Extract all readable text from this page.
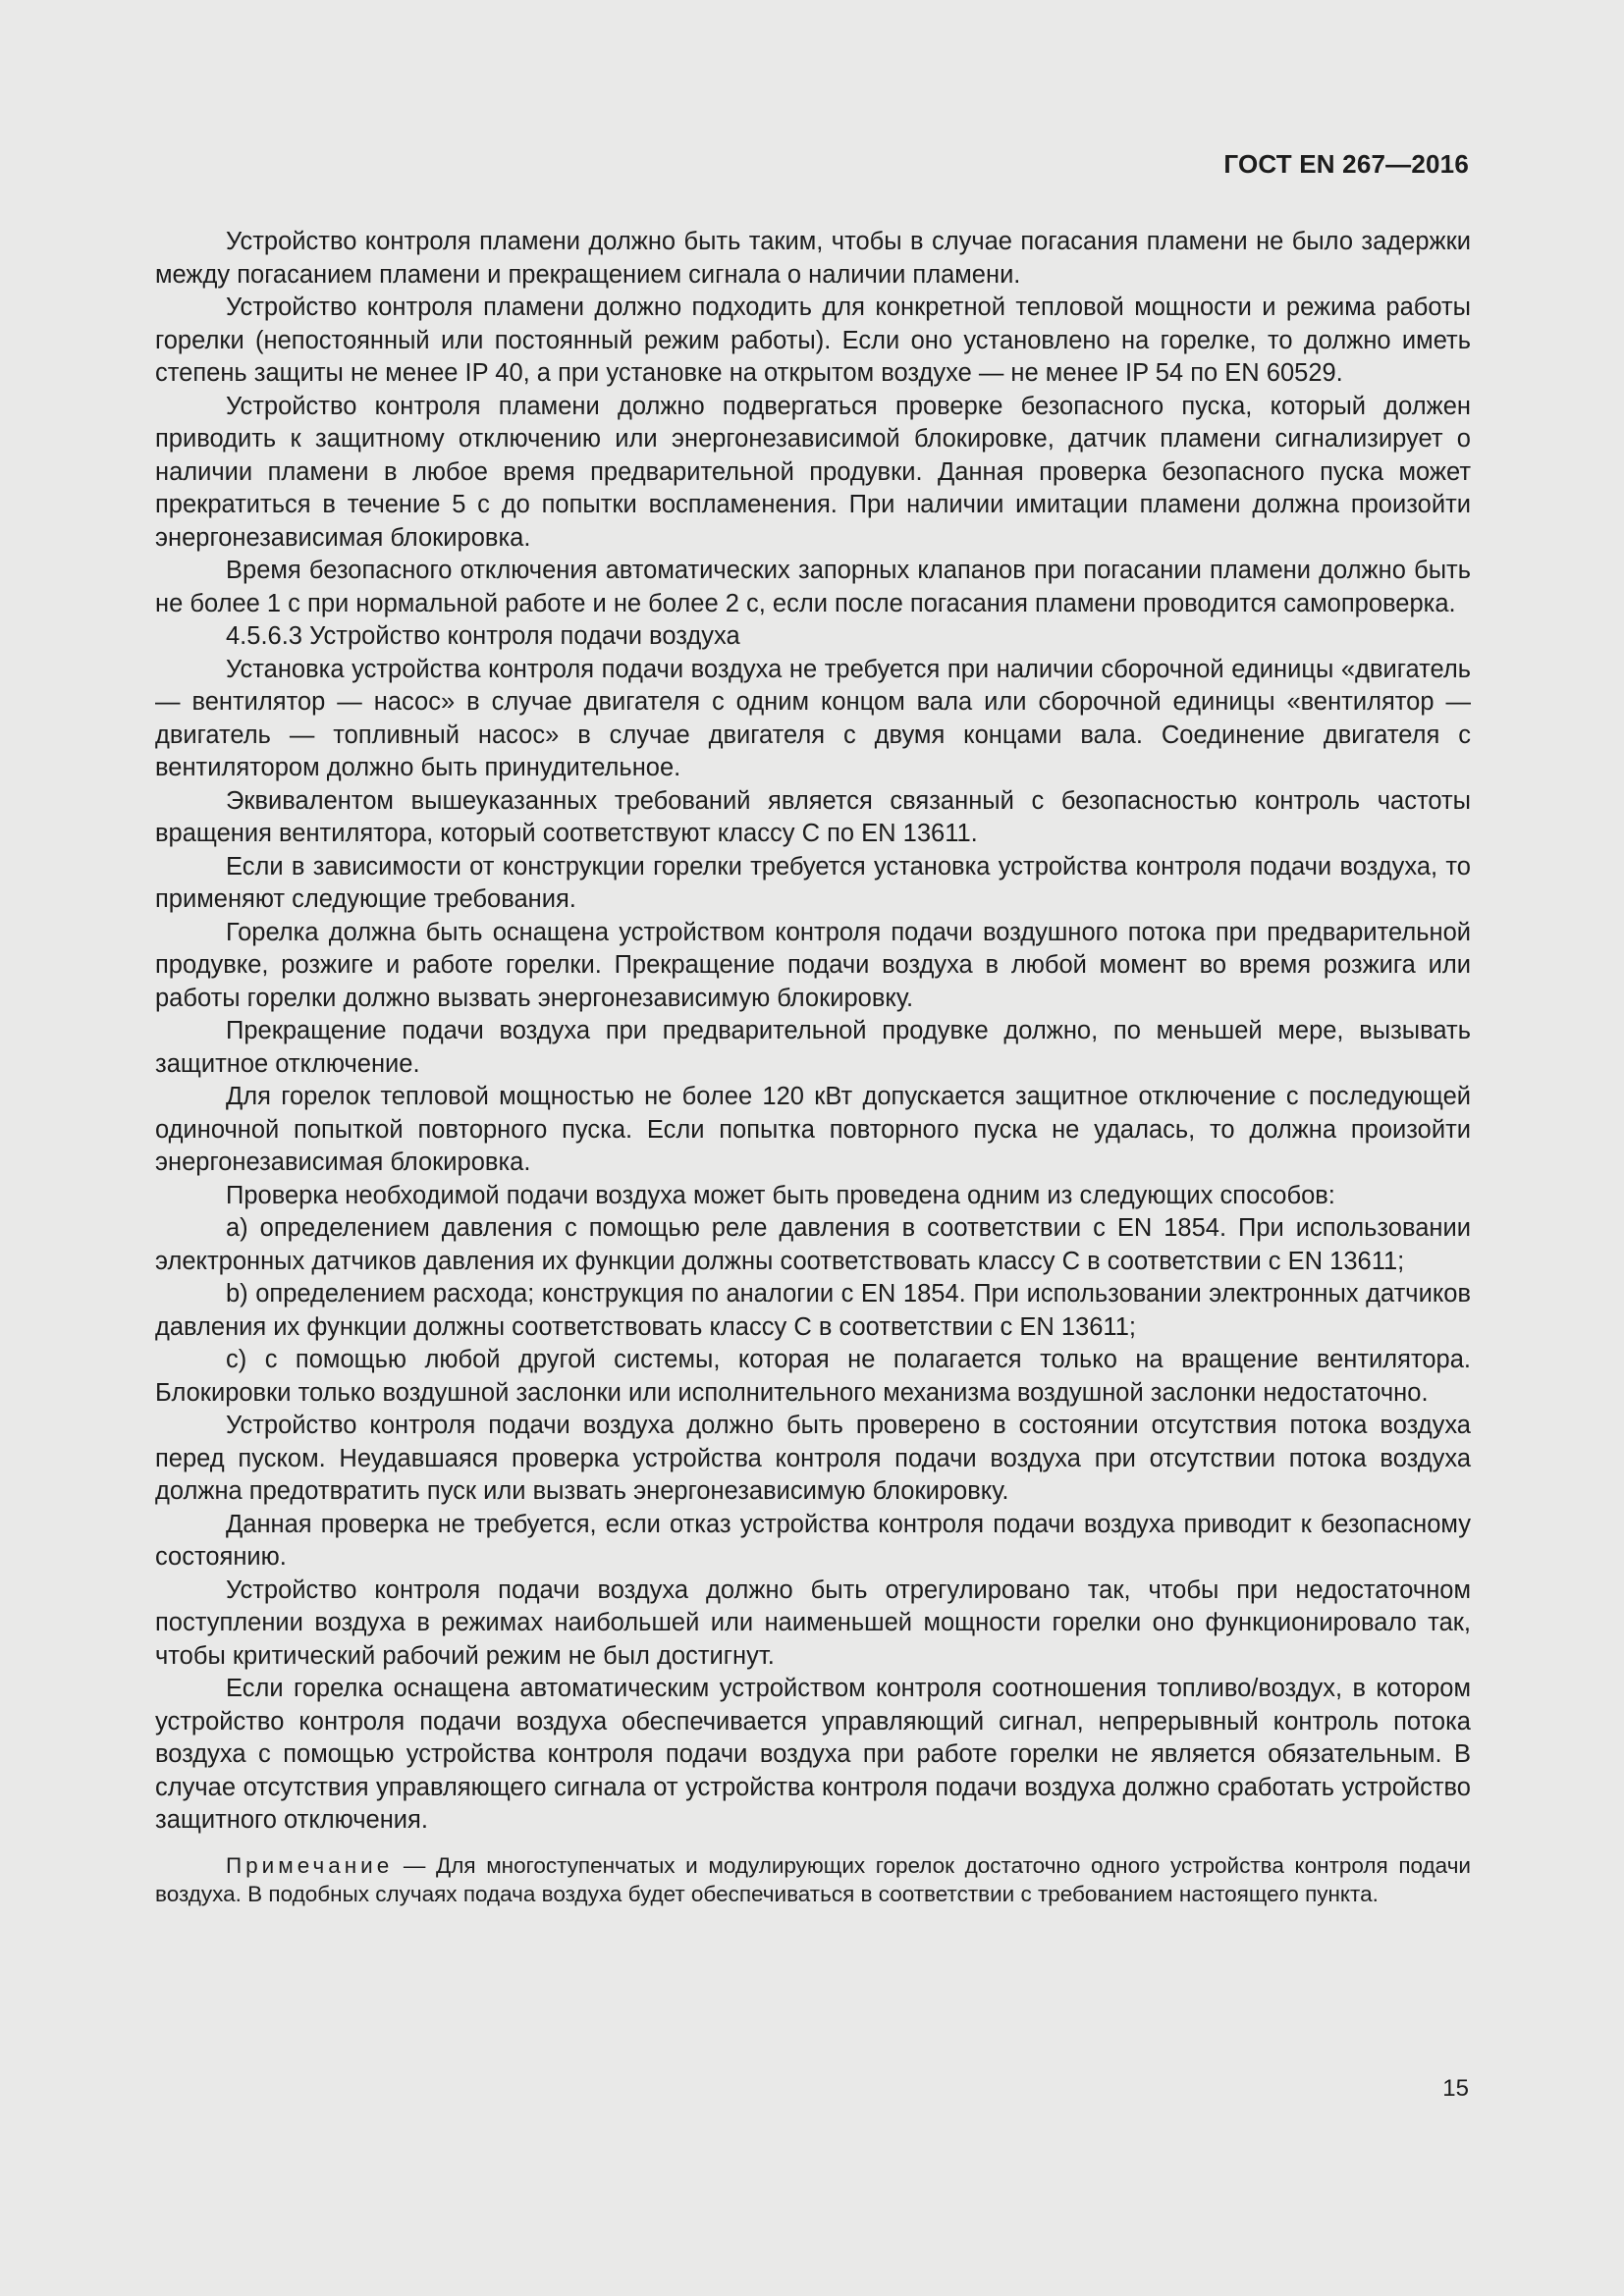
ГОСТ EN 267—2016

Устройство контроля пламени должно быть таким, чтобы в случае погасания пламени не было задержки между погасанием пламени и прекращением сигнала о наличии пламени.

Устройство контроля пламени должно подходить для конкретной тепловой мощности и режима работы горелки (непостоянный или постоянный режим работы). Если оно установлено на горелке, то должно иметь степень защиты не менее IP 40, а при установке на открытом воздухе — не менее IP 54 по EN 60529.

Устройство контроля пламени должно подвергаться проверке безопасного пуска, который должен приводить к защитному отключению или энергонезависимой блокировке, датчик пламени сигнализирует о наличии пламени в любое время предварительной продувки. Данная проверка безопасного пуска может прекратиться в течение 5 с до попытки воспламенения. При наличии имитации пламени должна произойти энергонезависимая блокировка.

Время безопасного отключения автоматических запорных клапанов при погасании пламени должно быть не более 1 с при нормальной работе и не более 2 с, если после погасания пламени проводится самопроверка.

4.5.6.3 Устройство контроля подачи воздуха

Установка устройства контроля подачи воздуха не требуется при наличии сборочной единицы «двигатель — вентилятор — насос» в случае двигателя с одним концом вала или сборочной единицы «вентилятор — двигатель — топливный насос» в случае двигателя с двумя концами вала. Соединение двигателя с вентилятором должно быть принудительное.

Эквивалентом вышеуказанных требований является связанный с безопасностью контроль частоты вращения вентилятора, который соответствуют классу С по EN 13611.

Если в зависимости от конструкции горелки требуется установка устройства контроля подачи воздуха, то применяют следующие требования.

Горелка должна быть оснащена устройством контроля подачи воздушного потока при предварительной продувке, розжиге и работе горелки. Прекращение подачи воздуха в любой момент во время розжига или работы горелки должно вызвать энергонезависимую блокировку.

Прекращение подачи воздуха при предварительной продувке должно, по меньшей мере, вызывать защитное отключение.

Для горелок тепловой мощностью не более 120 кВт допускается защитное отключение с последующей одиночной попыткой повторного пуска. Если попытка повторного пуска не удалась, то должна произойти энергонезависимая блокировка.

Проверка необходимой подачи воздуха может быть проведена одним из следующих способов:

a) определением давления с помощью реле давления в соответствии с EN 1854. При использовании электронных датчиков давления их функции должны соответствовать классу С в соответствии с EN 13611;

b) определением расхода; конструкция по аналогии с EN 1854. При использовании электронных датчиков давления их функции должны соответствовать классу С в соответствии с EN 13611;

c) с помощью любой другой системы, которая не полагается только на вращение вентилятора. Блокировки только воздушной заслонки или исполнительного механизма воздушной заслонки недостаточно.

Устройство контроля подачи воздуха должно быть проверено в состоянии отсутствия потока воздуха перед пуском. Неудавшаяся проверка устройства контроля подачи воздуха при отсутствии потока воздуха должна предотвратить пуск или вызвать энергонезависимую блокировку.

Данная проверка не требуется, если отказ устройства контроля подачи воздуха приводит к безопасному состоянию.

Устройство контроля подачи воздуха должно быть отрегулировано так, чтобы при недостаточном поступлении воздуха в режимах наибольшей или наименьшей мощности горелки оно функционировало так, чтобы критический рабочий режим не был достигнут.

Если горелка оснащена автоматическим устройством контроля соотношения топливо/воздух, в котором устройство контроля подачи воздуха обеспечивается управляющий сигнал, непрерывный контроль потока воздуха с помощью устройства контроля подачи воздуха при работе горелки не является обязательным. В случае отсутствия управляющего сигнала от устройства контроля подачи воздуха должно сработать устройство защитного отключения.

Примечание — Для многоступенчатых и модулирующих горелок достаточно одного устройства контроля подачи воздуха. В подобных случаях подача воздуха будет обеспечиваться в соответствии с требованием настоящего пункта.

15
